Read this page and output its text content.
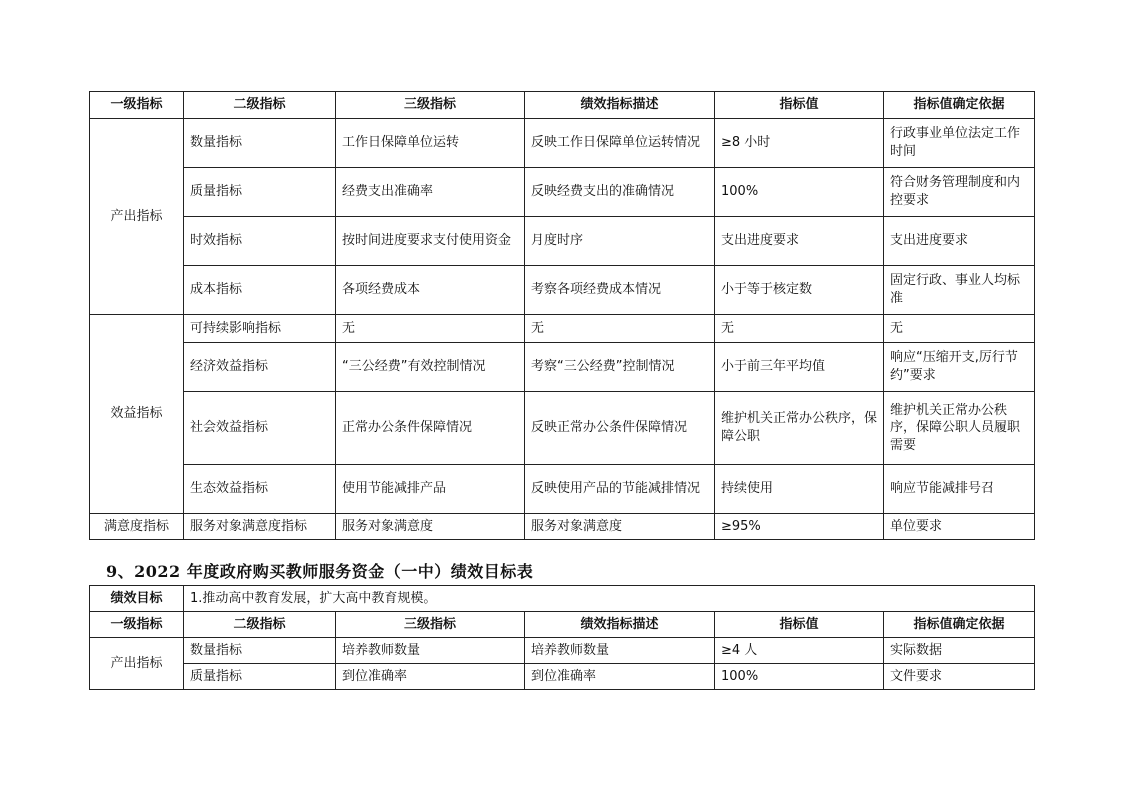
一级指标	二级指标	三级指标	绩效指标描述	指标值	指标值确定依据
产出指标	数量指标	工作日保障单位运转	反映工作日保障单位运转情况	≥8 小时	行政事业单位法定工作时间
	质量指标	经费支出准确率	反映经费支出的准确情况	100%	符合财务管理制度和内控要求
	时效指标	按时间进度要求支付使用资金	月度时序	支出进度要求	支出进度要求
	成本指标	各项经费成本	考察各项经费成本情况	小于等于核定数	固定行政、事业人均标准
效益指标	可持续影响指标	无	无	无	无
	经济效益指标	“三公经费”有效控制情况	考察“三公经费”控制情况	小于前三年平均值	响应“压缩开支,厉行节约”要求
	社会效益指标	正常办公条件保障情况	反映正常办公条件保障情况	维护机关正常办公秩序，保障公职	维护机关正常办公秩序，保障公职人员履职需要
	生态效益指标	使用节能减排产品	反映使用产品的节能减排情况	持续使用	响应节能减排号召
满意度指标	服务对象满意度指标	服务对象满意度	服务对象满意度	≥95%	单位要求
9、2022 年度政府购买教师服务资金（一中）绩效目标表
绩效目标	1.推动高中教育发展，扩大高中教育规模。				
一级指标	二级指标	三级指标	绩效指标描述	指标值	指标值确定依据
产出指标	数量指标	培养教师数量	培养教师数量	≥4 人	实际数据
	质量指标	到位准确率	到位准确率	100%	文件要求
